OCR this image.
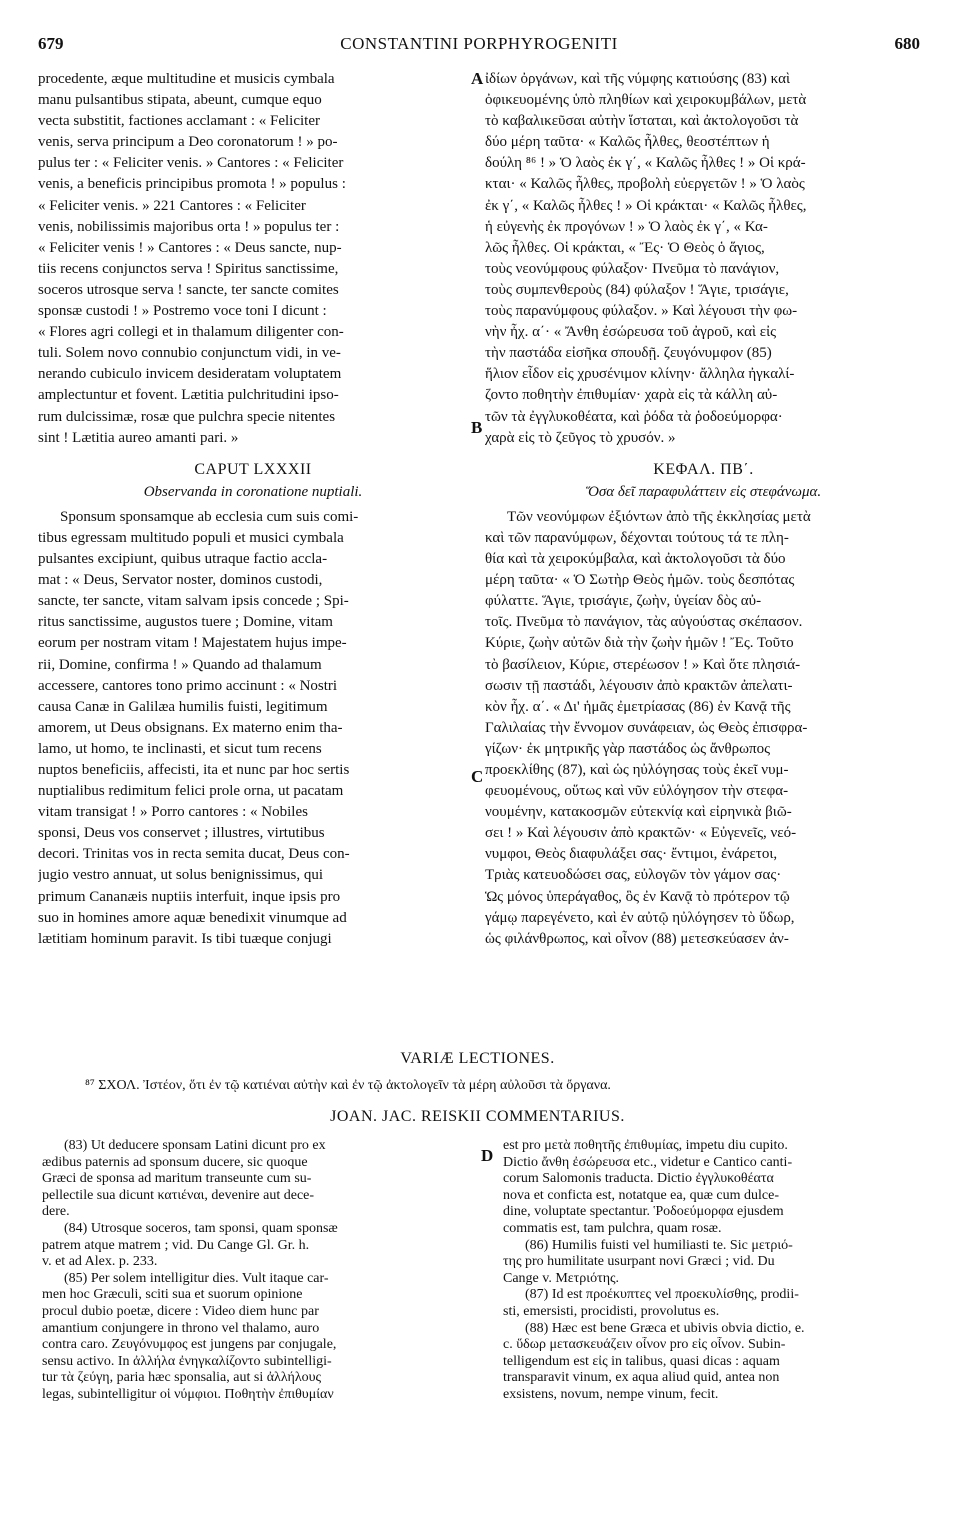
679	CONSTANTINI PORPHYROGENITI	680
A
B
C
D
procedente, æque multitudine et musicis cymbala
manu pulsantibus stipata, abeunt, cumque equo
vecta substitit, factiones acclamant : « Feliciter
venis, serva principum a Deo coronatorum ! » po-
pulus ter : « Feliciter venis. » Cantores : « Feliciter
venis, a beneficis principibus promota ! » populus :
« Feliciter venis. » 221 Cantores : « Feliciter
venis, nobilissimis majoribus orta ! » populus ter :
« Feliciter venis ! » Cantores : « Deus sancte, nup-
tiis recens conjunctos serva ! Spiritus sanctissime,
soceros utrosque serva ! sancte, ter sancte comites
sponsæ custodi ! » Postremo voce toni I dicunt :
« Flores agri collegi et in thalamum diligenter con-
tuli. Solem novo connubio conjunctum vidi, in ve-
nerando cubiculo invicem desideratam voluptatem
amplectuntur et fovent. Lætitia pulchritudini ipso-
rum dulcissimæ, rosæ que pulchra specie nitentes
sint ! Lætitia aureo amanti pari. »
CAPUT LXXXII
Observanda in coronatione nuptiali.
Sponsum sponsamque ab ecclesia cum suis comi-
tibus egressam multitudo populi et musici cymbala
pulsantes excipiunt, quibus utraque factio accla-
mat : « Deus, Servator noster, dominos custodi,
sancte, ter sancte, vitam salvam ipsis concede ; Spi-
ritus sanctissime, augustos tuere ; Domine, vitam
eorum per nostram vitam ! Majestatem hujus impe-
rii, Domine, confirma ! » Quando ad thalamum
accessere, cantores tono primo accinunt : « Nostri
causa Canæ in Galilæa humilis fuisti, legitimum
amorem, ut Deus obsignans. Ex materno enim tha-
lamo, ut homo, te inclinasti, et sicut tum recens
nuptos beneficiis, affecisti, ita et nunc par hoc sertis
nuptialibus redimitum felici prole orna, ut pacatam
vitam transigat ! » Porro cantores : « Nobiles
sponsi, Deus vos conservet ; illustres, virtutibus
decori. Trinitas vos in recta semita ducat, Deus con-
jugio vestro annuat, ut solus benignissimus, qui
primum Cananæis nuptiis interfuit, inque ipsis pro
suo in homines amore aquæ benedixit vinumque ad
lætitiam hominum paravit. Is tibi tuæque conjugi
ἰδίων ὀργάνων, καὶ τῆς νύμφης κατιούσης (83) καὶ
ὀφικευομένης ὑπὸ πληθίων καὶ χειροκυμβάλων, μετὰ
τὸ καβαλικεῦσαι αὐτὴν ἵσταται, καὶ ἀκτολογοῦσι τὰ
δύο μέρη ταῦτα· « Καλῶς ἦλθες, θεοστέπτων ἡ
δούλη ⁸⁶ ! » Ὁ λαὸς ἐκ γ΄, « Καλῶς ἦλθες ! » Οἱ κρά-
κται· « Καλῶς ἦλθες, προβολὴ εὐεργετῶν ! » Ὁ λαὸς
ἐκ γ΄, « Καλῶς ἦλθες ! » Οἱ κράκται· « Καλῶς ἦλθες,
ἡ εὐγενὴς ἐκ προγόνων ! » Ὁ λαὸς ἐκ γ΄, « Κα-
λῶς ἦλθες. Οἱ κράκται, « Ἔς· Ὁ Θεὸς ὁ ἅγιος,
τοὺς νεονύμφους φύλαξον· Πνεῦμα τὸ πανάγιον,
τοὺς συμπενθεροὺς (84) φύλαξον ! Ἅγιε, τρισάγιε,
τοὺς παρανύμφους φύλαξον. » Καὶ λέγουσι τὴν φω-
νὴν ἦχ. α΄· « Ἄνθη ἐσώρευσα τοῦ ἀγροῦ, καὶ εἰς
τὴν παστάδα εἰσῆκα σπουδῇ. ζευγόνυμφον (85)
ἥλιον εἶδον εἰς χρυσένιμον κλίνην· ἄλληλα ἠγκαλί-
ζοντο ποθητὴν ἐπιθυμίαν· χαρὰ εἰς τὰ κάλλη αὐ-
τῶν τὰ ἐγγλυκοθέατα, καὶ ῥόδα τὰ ῥοδοεύμορφα·
χαρὰ εἰς τὸ ζεῦγος τὸ χρυσόν. »
ΚΕΦΑΛ. ΠΒ΄.
Ὅσα δεῖ παραφυλάττειν εἰς στεφάνωμα.
Τῶν νεονύμφων ἐξιόντων ἀπὸ τῆς ἐκκλησίας μετὰ
καὶ τῶν παρανύμφων, δέχονται τούτους τά τε πλη-
θία καὶ τὰ χειροκύμβαλα, καὶ ἀκτολογοῦσι τὰ δύο
μέρη ταῦτα· « Ὁ Σωτὴρ Θεὸς ἡμῶν. τοὺς δεσπότας
φύλαττε. Ἅγιε, τρισάγιε, ζωὴν, ὑγείαν δὸς αὐ-
τοῖς. Πνεῦμα τὸ πανάγιον, τὰς αὐγούστας σκέπασον.
Κύριε, ζωὴν αὐτῶν διὰ τὴν ζωὴν ἡμῶν ! Ἔς. Τοῦτο
τὸ βασίλειον, Κύριε, στερέωσον ! » Καὶ ὅτε πλησιά-
σωσιν τῇ παστάδι, λέγουσιν ἀπὸ κρακτῶν ἀπελατι-
κὸν ἦχ. α΄. « Δι' ἡμᾶς ἐμετρίασας (86) ἐν Κανᾷ τῆς
Γαλιλαίας τὴν ἔννομον συνάφειαν, ὡς Θεὸς ἐπισφρα-
γίζων· ἐκ μητρικῆς γὰρ παστάδος ὡς ἄνθρωπος
προεκλίθης (87), καὶ ὡς ηὐλόγησας τοὺς ἐκεῖ νυμ-
φευομένους, οὕτως καὶ νῦν εὐλόγησον τὴν στεφα-
νουμένην, κατακοσμῶν εὐτεκνίᾳ καὶ εἰρηνικὰ βιῶ-
σει ! » Καὶ λέγουσιν ἀπὸ κρακτῶν· « Εὐγενεῖς, νεό-
νυμφοι, Θεὸς διαφυλάξει σας· ἔντιμοι, ἐνάρετοι,
Τριὰς κατευοδώσει σας, εὐλογῶν τὸν γάμον σας·
Ὡς μόνος ὑπεράγαθος, ὃς ἐν Κανᾷ τὸ πρότερον τῷ
γάμῳ παρεγένετο, καὶ ἐν αὐτῷ ηὐλόγησεν τὸ ὕδωρ,
ὡς φιλάνθρωπος, καὶ οἶνον (88) μετεσκεύασεν ἀν-
VARIÆ LECTIONES.
⁸⁷ ΣΧΟΛ. Ἰστέον, ὅτι ἐν τῷ κατιέναι αὐτὴν καὶ ἐν τῷ ἀκτολογεῖν τὰ μέρη αὐλοῦσι τὰ ὄργανα.
JOAN. JAC. REISKII COMMENTARIUS.
(83) Ut deducere sponsam Latini dicunt pro ex
ædibus paternis ad sponsum ducere, sic quoque
Græci de sponsa ad maritum transeunte cum su-
pellectile sua dicunt κατιέναι, devenire aut dece-
dere.
(84) Utrosque soceros, tam sponsi, quam sponsæ
patrem atque matrem ; vid. Du Cange Gl. Gr. h.
v. et ad Alex. p. 233.
(85) Per solem intelligitur dies. Vult itaque car-
men hoc Græculi, sciti sua et suorum opinione
procul dubio poetæ, dicere : Video diem hunc par
amantium conjungere in throno vel thalamo, auro
contra caro. Ζευγόνυμφος est jungens par conjugale,
sensu activo. In ἀλλήλα ἐνηγκαλίζοντο subintelligi-
tur τὰ ζεύγη, paria hæc sponsalia, aut si ἀλλήλους
legas, subintelligitur οἱ νύμφιοι. Ποθητὴν ἐπιθυμίαν
est pro μετὰ ποθητῆς ἐπιθυμίας, impetu diu cupito.
Dictio ἄνθη ἐσώρευσα etc., videtur e Cantico canti-
corum Salomonis traducta. Dictio ἐγγλυκοθέατα
nova et conficta est, notatque ea, quæ cum dulce-
dine, voluptate spectantur. Ῥοδοεύμορφα ejusdem
commatis est, tam pulchra, quam rosæ.
(86) Humilis fuisti vel humiliasti te. Sic μετριό-
της pro humilitate usurpant novi Græci ; vid. Du
Cange v. Μετριότης.
(87) Id est προέκυπτες vel προεκυλίσθης, prodii-
sti, emersisti, procidisti, provolutus es.
(88) Hæc est bene Græca et ubivis obvia dictio, e.
c. ὕδωρ μετασκευάζειν οἶνον pro εἰς οἶνον. Subin-
telligendum est εἰς in talibus, quasi dicas : aquam
transparavit vinum, ex aqua aliud quid, antea non
exsistens, novum, nempe vinum, fecit.
